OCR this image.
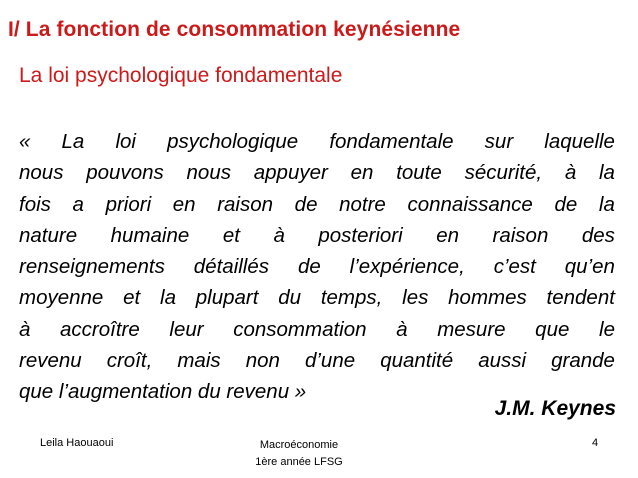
I/ La fonction de consommation keynésienne
La loi psychologique fondamentale
« La loi psychologique fondamentale sur laquelle
nous pouvons nous appuyer en toute sécurité, à la
fois a priori en raison de notre connaissance de la
nature humaine et à posteriori en raison des
renseignements détaillés de l’expérience, c’est qu’en
moyenne et la plupart du temps, les hommes tendent
à accroître leur consommation à mesure que le
revenu croît, mais non d’une quantité aussi grande
que l’augmentation du revenu »
J.M. Keynes
Leila Haouaoui	Macroéconomie
1ère année LFSG
4
